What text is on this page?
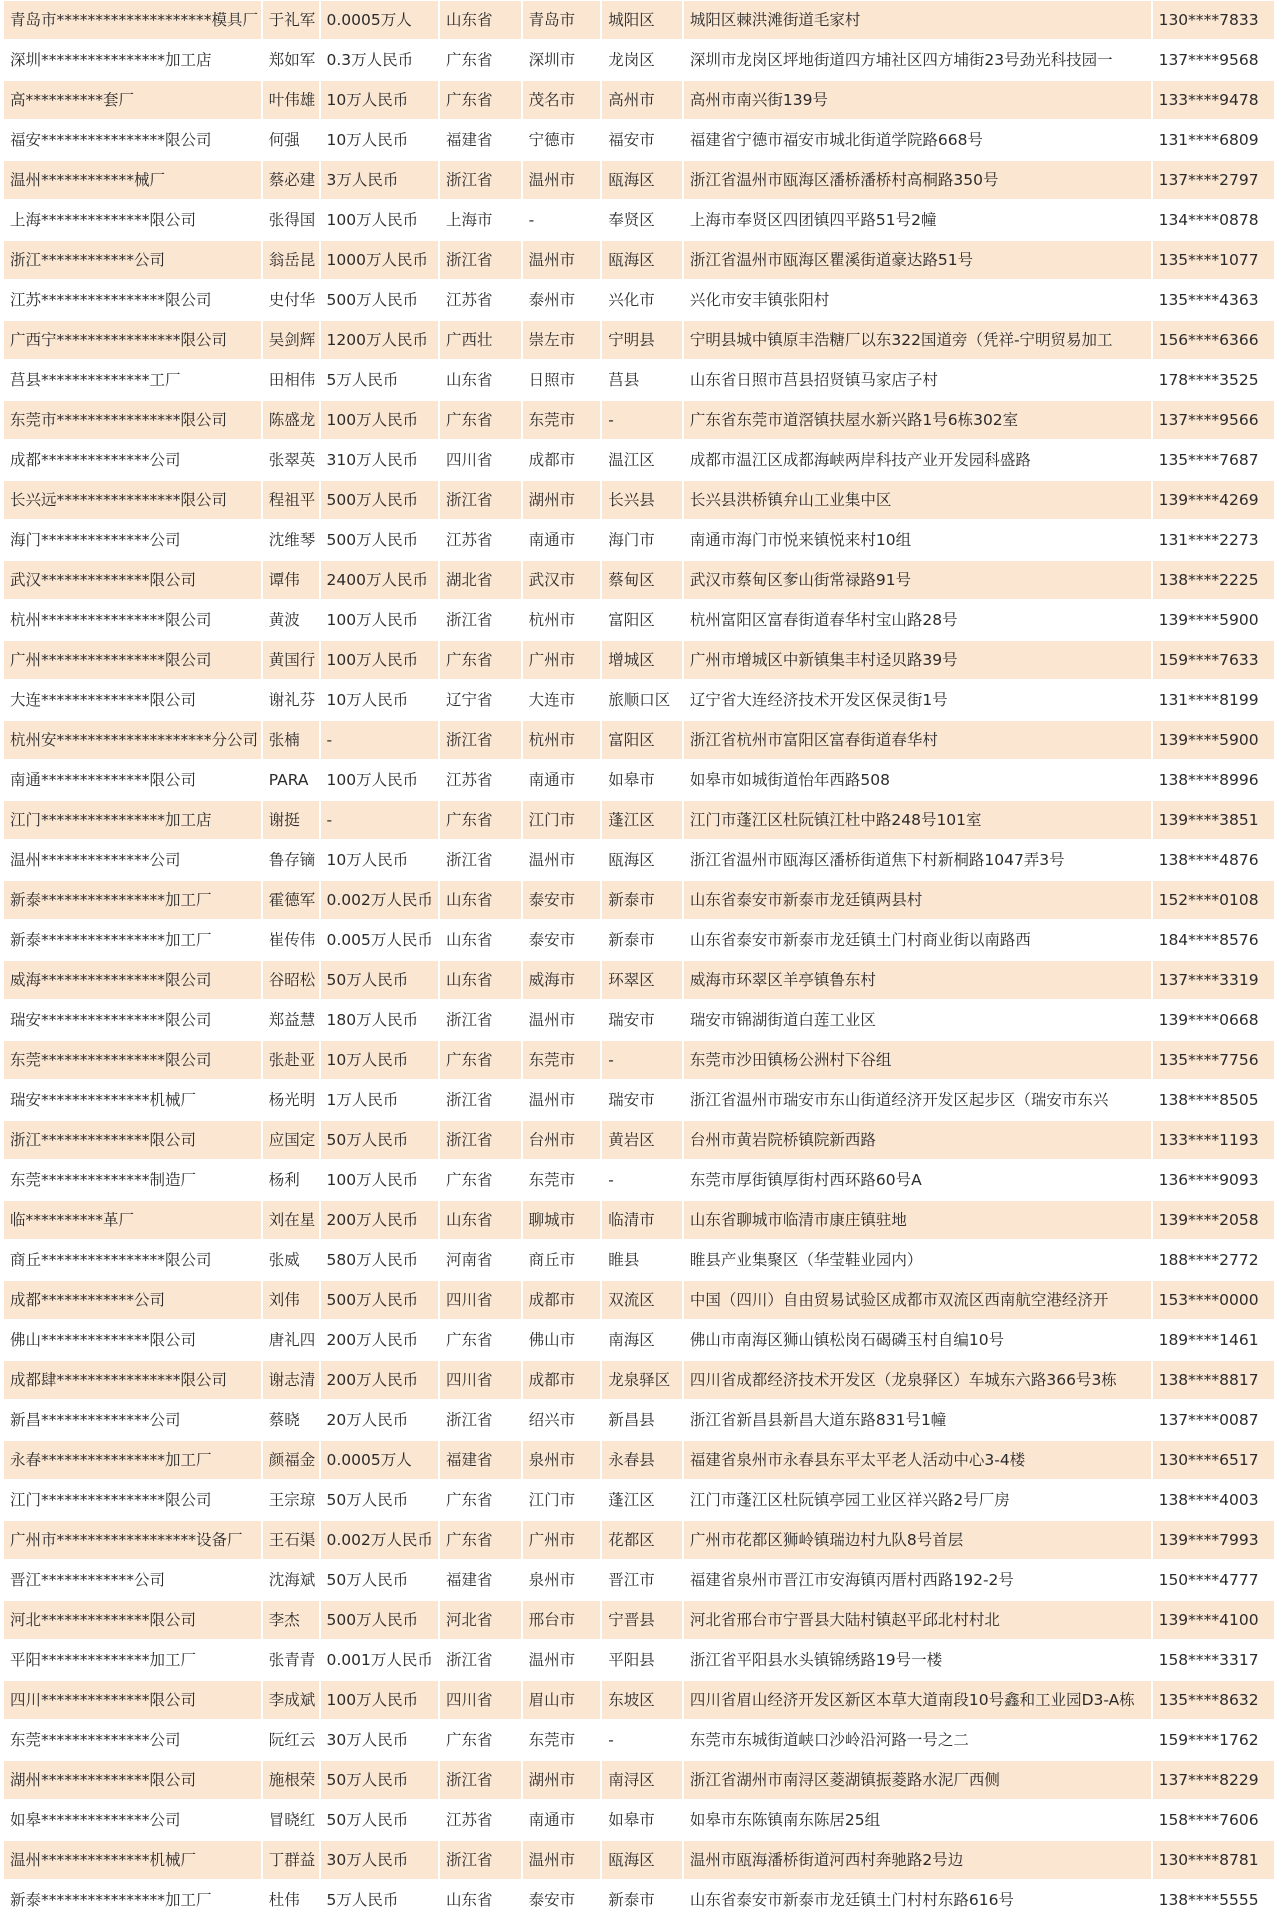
青岛市********************模具厂 于礼军 0.0005万人	山东省	青岛市	城阳区	城阳区棘洪滩街道毛家村	130****7833
深圳****************加工店	郑如军 0.3万人民币	广东省	深圳市	龙岗区	深圳市龙岗区坪地街道四方埔社区四方埔街23号劲光科技园一	137****9568
高**********套厂	叶伟雄 10万人民币	广东省	茂名市	高州市	高州市南兴街139号	133****9478
福安****************限公司	何强	10万人民币	福建省	宁德市	福安市	福建省宁德市福安市城北街道学院路668号	131****6809
温州************械厂	蔡必建 3万人民币	浙江省	温州市	瓯海区	浙江省温州市瓯海区潘桥潘桥村高桐路350号	137****2797
上海**************限公司	张得国 100万人民币	上海市	-	奉贤区	上海市奉贤区四团镇四平路51号2幢	134****0878
浙江************公司	翁岳昆 1000万人民币	浙江省	温州市	瓯海区	浙江省温州市瓯海区瞿溪街道豪达路51号	135****1077
江苏****************限公司	史付华 500万人民币	江苏省	泰州市	兴化市	兴化市安丰镇张阳村	135****4363
广西宁****************限公司	吴剑辉 1200万人民币	广西壮	崇左市	宁明县	宁明县城中镇原丰浩糖厂以东322国道旁（凭祥-宁明贸易加工	156****6366
莒县**************工厂	田相伟 5万人民币	山东省	日照市	莒县	山东省日照市莒县招贤镇马家店子村	178****3525
东莞市****************限公司	陈盛龙 100万人民币	广东省	东莞市	-	广东省东莞市道滘镇扶屋水新兴路1号6栋302室	137****9566
成都**************公司	张翠英 310万人民币	四川省	成都市	温江区	成都市温江区成都海峡两岸科技产业开发园科盛路	135****7687
长兴远****************限公司	程祖平 500万人民币	浙江省	湖州市	长兴县	长兴县洪桥镇弁山工业集中区	139****4269
海门**************公司	沈维琴 500万人民币	江苏省	南通市	海门市	南通市海门市悦来镇悦来村10组	131****2273
武汉**************限公司	谭伟	2400万人民币	湖北省	武汉市	蔡甸区	武汉市蔡甸区奓山街常禄路91号	138****2225
杭州****************限公司	黄波	100万人民币	浙江省	杭州市	富阳区	杭州富阳区富春街道春华村宝山路28号	139****5900
广州****************限公司	黄国行 100万人民币	广东省	广州市	增城区	广州市增城区中新镇集丰村迳贝路39号	159****7633
大连**************限公司	谢礼芬 10万人民币	辽宁省	大连市	旅顺口区	辽宁省大连经济技术开发区保灵街1号	131****8199
杭州安********************分公司 张楠	-	浙江省	杭州市	富阳区	浙江省杭州市富阳区富春街道春华村	139****5900
南通**************限公司	PARA	100万人民币	江苏省	南通市	如皋市	如皋市如城街道怡年西路508	138****8996
江门****************加工店	谢挺	-	广东省	江门市	蓬江区	江门市蓬江区杜阮镇江杜中路248号101室	139****3851
温州**************公司	鲁存镝 10万人民币	浙江省	温州市	瓯海区	浙江省温州市瓯海区潘桥街道焦下村新桐路1047弄3号	138****4876
新泰****************加工厂	霍德军 0.002万人民币 山东省	泰安市	新泰市	山东省泰安市新泰市龙廷镇两县村	152****0108
新泰****************加工厂	崔传伟 0.005万人民币 山东省	泰安市	新泰市	山东省泰安市新泰市龙廷镇土门村商业街以南路西	184****8576
威海****************限公司	谷昭松 50万人民币	山东省	威海市	环翠区	威海市环翠区羊亭镇鲁东村	137****3319
瑞安****************限公司	郑益慧 180万人民币	浙江省	温州市	瑞安市	瑞安市锦湖街道白莲工业区	139****0668
东莞****************限公司	张赴亚 10万人民币	广东省	东莞市	-	东莞市沙田镇杨公洲村下谷组	135****7756
瑞安**************机械厂	杨光明 1万人民币	浙江省	温州市	瑞安市	浙江省温州市瑞安市东山街道经济开发区起步区（瑞安市东兴	138****8505
浙江**************限公司	应国定 50万人民币	浙江省	台州市	黄岩区	台州市黄岩院桥镇院新西路	133****1193
东莞**************制造厂	杨利	100万人民币	广东省	东莞市	-	东莞市厚街镇厚街村西环路60号A	136****9093
临**********革厂	刘在星 200万人民币	山东省	聊城市	临清市	山东省聊城市临清市康庄镇驻地	139****2058
商丘****************限公司	张威	580万人民币	河南省	商丘市	睢县	睢县产业集聚区（华莹鞋业园内）	188****2772
成都************公司	刘伟	500万人民币	四川省	成都市	双流区	中国（四川）自由贸易试验区成都市双流区西南航空港经济开	153****0000
佛山**************限公司	唐礼四 200万人民币	广东省	佛山市	南海区	佛山市南海区狮山镇松岗石碣磷玉村自编10号	189****1461
成都肆****************限公司	谢志清 200万人民币	四川省	成都市	龙泉驿区	四川省成都经济技术开发区（龙泉驿区）车城东六路366号3栋	138****8817
新昌**************公司	蔡晓	20万人民币	浙江省	绍兴市	新昌县	浙江省新昌县新昌大道东路831号1幢	137****0087
永春****************加工厂	颜福金 0.0005万人	福建省	泉州市	永春县	福建省泉州市永春县东平太平老人活动中心3-4楼	130****6517
江门****************限公司	王宗琼 50万人民币	广东省	江门市	蓬江区	江门市蓬江区杜阮镇亭园工业区祥兴路2号厂房	138****4003
广州市******************设备厂	王石渠 0.002万人民币 广东省	广州市	花都区	广州市花都区狮岭镇瑞边村九队8号首层	139****7993
晋江************公司	沈海斌 50万人民币	福建省	泉州市	晋江市	福建省泉州市晋江市安海镇丙厝村西路192-2号	150****4777
河北**************限公司	李杰	500万人民币	河北省	邢台市	宁晋县	河北省邢台市宁晋县大陆村镇赵平邱北村村北	139****4100
平阳**************加工厂	张青青 0.001万人民币 浙江省	温州市	平阳县	浙江省平阳县水头镇锦绣路19号一楼	158****3317
四川**************限公司	李成斌 100万人民币	四川省	眉山市	东坡区	四川省眉山经济开发区新区本草大道南段10号鑫和工业园D3-A栋	135****8632
东莞**************公司	阮红云 30万人民币	广东省	东莞市	-	东莞市东城街道峡口沙岭沿河路一号之二	159****1762
湖州**************限公司	施根荣 50万人民币	浙江省	湖州市	南浔区	浙江省湖州市南浔区菱湖镇振菱路水泥厂西侧	137****8229
如皋**************公司	冒晓红 50万人民币	江苏省	南通市	如皋市	如皋市东陈镇南东陈居25组	158****7606
温州**************机械厂	丁群益 30万人民币	浙江省	温州市	瓯海区	温州市瓯海潘桥街道河西村奔驰路2号边	130****8781
新泰****************加工厂	杜伟	5万人民币	山东省	泰安市	新泰市	山东省泰安市新泰市龙廷镇土门村村东路616号	138****5555
